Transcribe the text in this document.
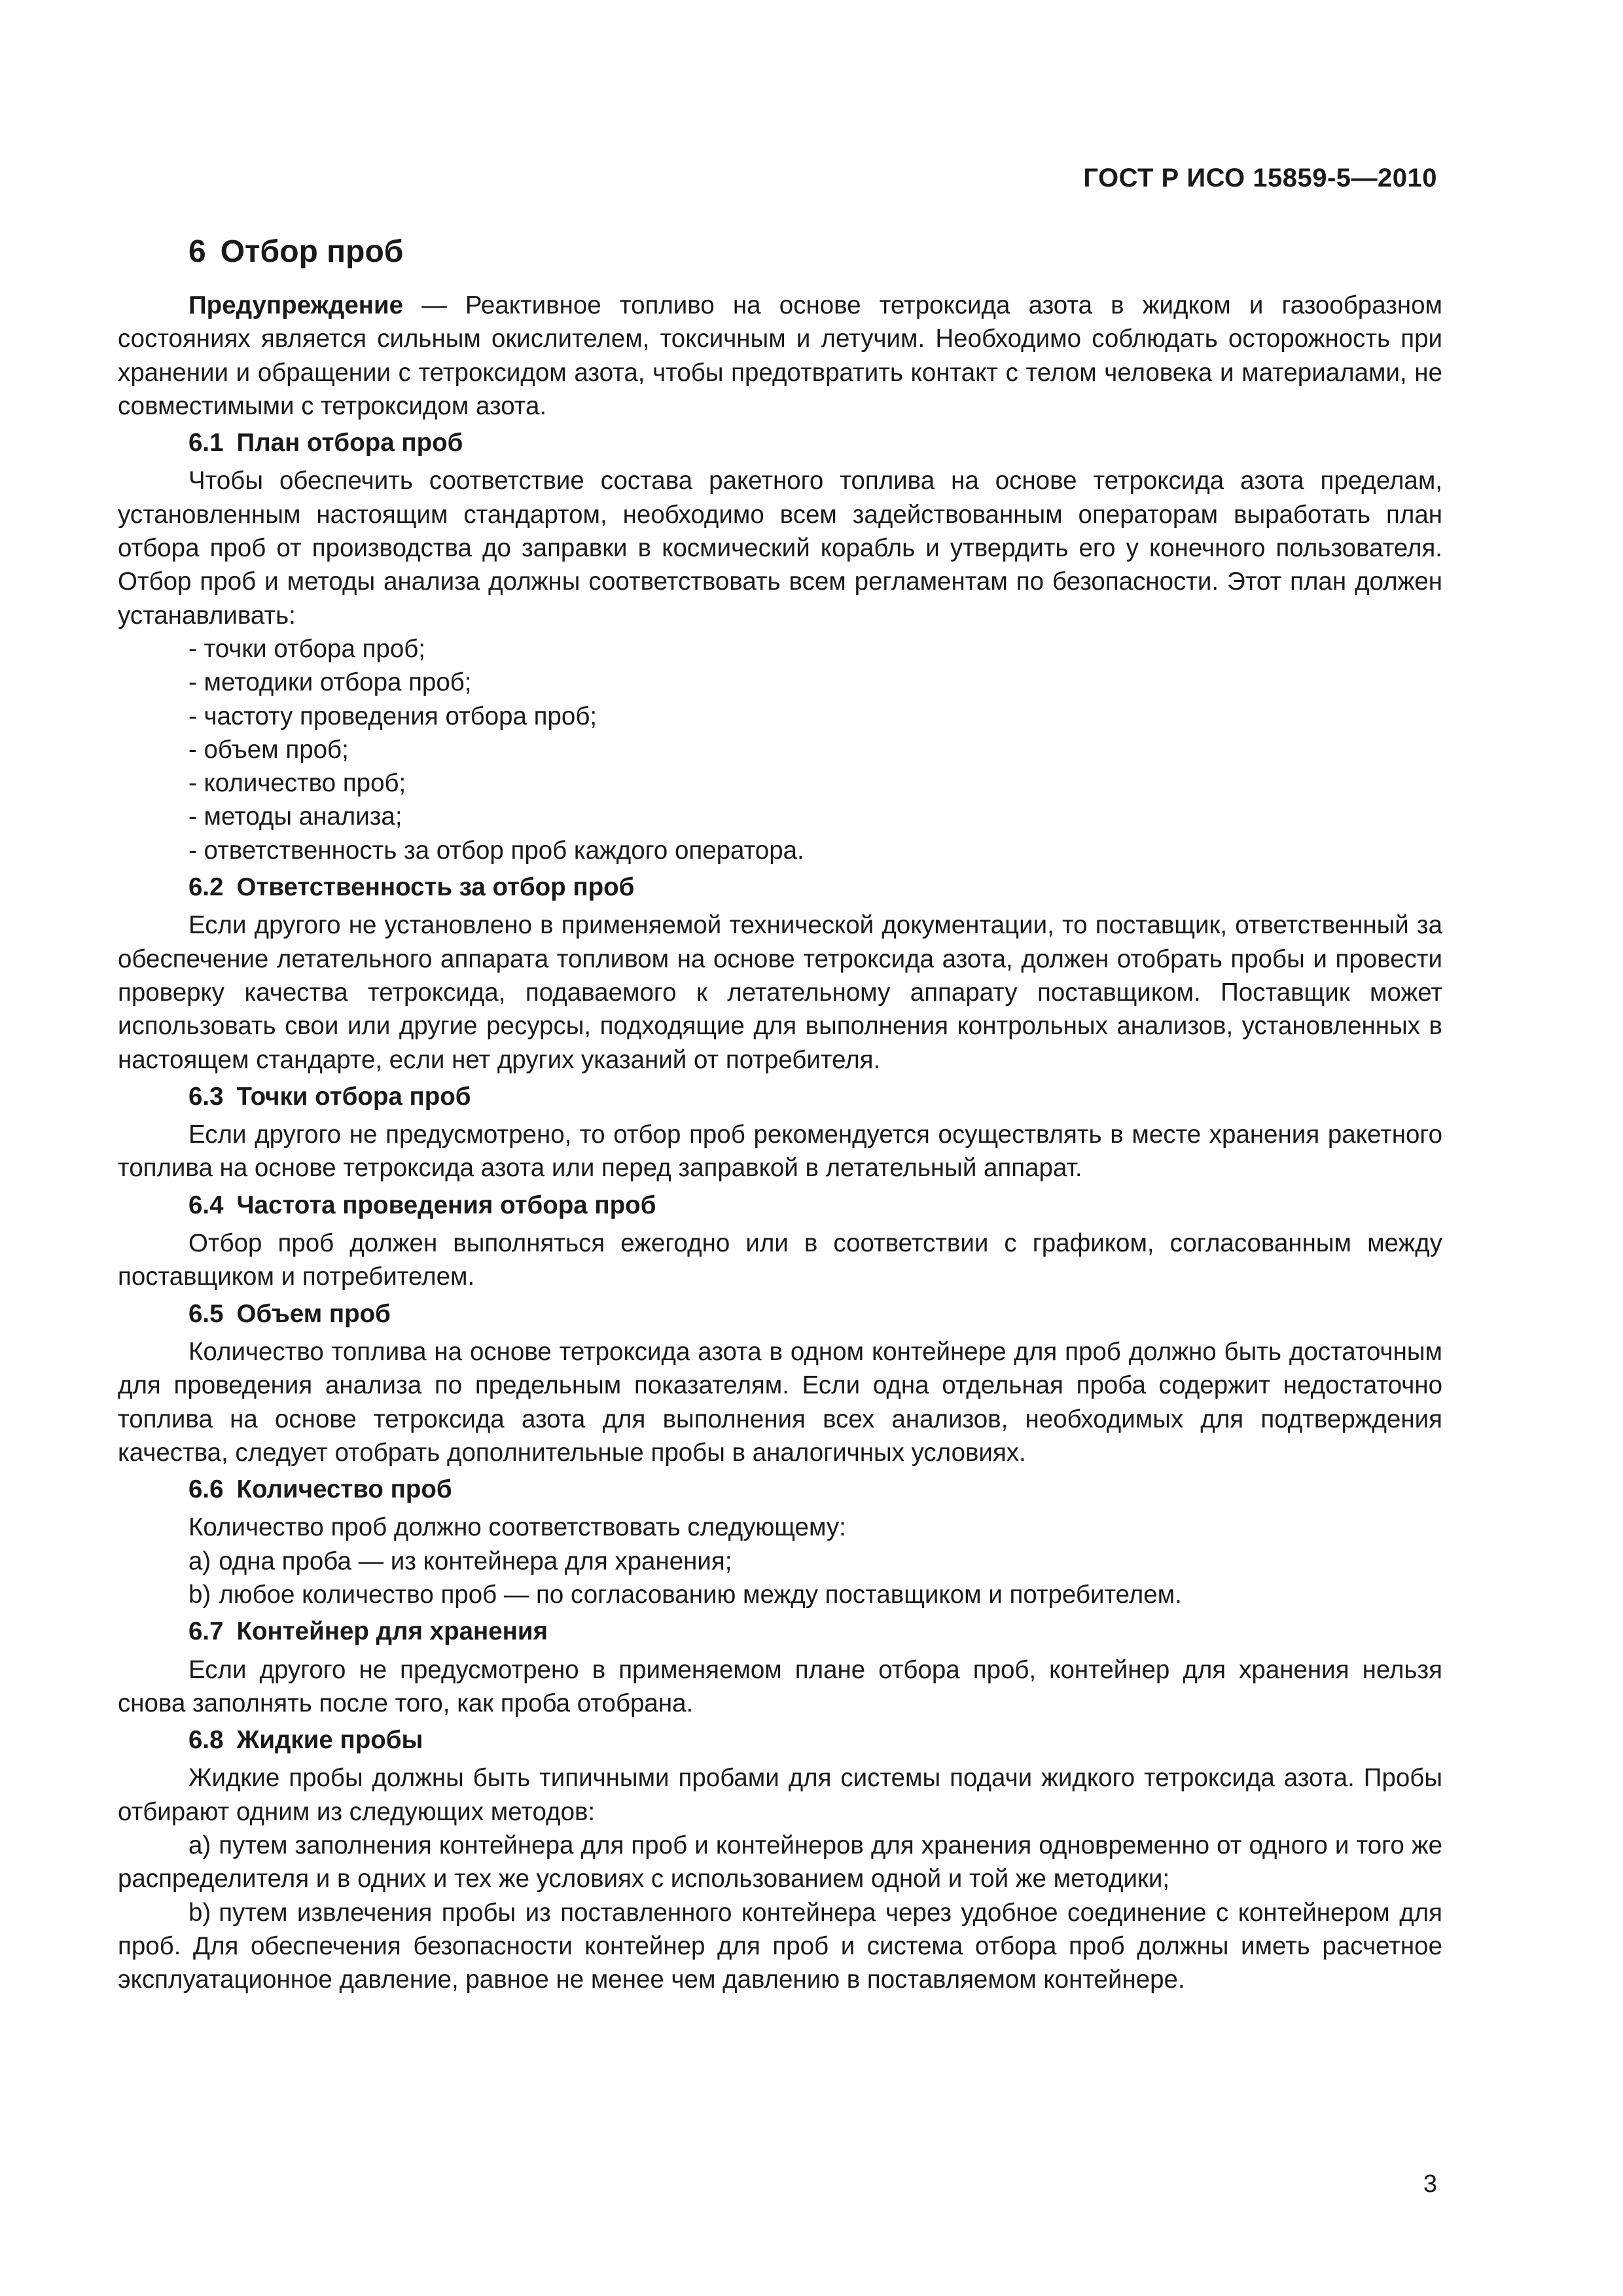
ГОСТ Р ИСО 15859-5—2010
6 Отбор проб

Предупреждение — Реактивное топливо на основе тетроксида азота в жидком и газообразном состояниях является сильным окислителем, токсичным и летучим. Необходимо соблюдать осторожность при хранении и обращении с тетроксидом азота, чтобы предотвратить контакт с телом человека и материалами, не совместимыми с тетроксидом азота.

6.1 План отбора проб

Чтобы обеспечить соответствие состава ракетного топлива на основе тетроксида азота пределам, установленным настоящим стандартом, необходимо всем задействованным операторам выработать план отбора проб от производства до заправки в космический корабль и утвердить его у конечного пользователя. Отбор проб и методы анализа должны соответствовать всем регламентам по безопасности. Этот план должен устанавливать:

- точки отбора проб;
- методики отбора проб;
- частоту проведения отбора проб;
- объем проб;
- количество проб;
- методы анализа;
- ответственность за отбор проб каждого оператора.
6.2 Ответственность за отбор проб

Если другого не установлено в применяемой технической документации, то поставщик, ответственный за обеспечение летательного аппарата топливом на основе тетроксида азота, должен отобрать пробы и провести проверку качества тетроксида, подаваемого к летательному аппарату поставщиком. Поставщик может использовать свои или другие ресурсы, подходящие для выполнения контрольных анализов, установленных в настоящем стандарте, если нет других указаний от потребителя.

6.3 Точки отбора проб

Если другого не предусмотрено, то отбор проб рекомендуется осуществлять в месте хранения ракетного топлива на основе тетроксида азота или перед заправкой в летательный аппарат.

6.4 Частота проведения отбора проб

Отбор проб должен выполняться ежегодно или в соответствии с графиком, согласованным между поставщиком и потребителем.

6.5 Объем проб

Количество топлива на основе тетроксида азота в одном контейнере для проб должно быть достаточным для проведения анализа по предельным показателям. Если одна отдельная проба содержит недостаточно топлива на основе тетроксида азота для выполнения всех анализов, необходимых для подтверждения качества, следует отобрать дополнительные пробы в аналогичных условиях.

6.6 Количество проб

Количество проб должно соответствовать следующему:

а) одна проба — из контейнера для хранения;
b) любое количество проб — по согласованию между поставщиком и потребителем.
6.7 Контейнер для хранения

Если другого не предусмотрено в применяемом плане отбора проб, контейнер для хранения нельзя снова заполнять после того, как проба отобрана.

6.8 Жидкие пробы

Жидкие пробы должны быть типичными пробами для системы подачи жидкого тетроксида азота. Пробы отбирают одним из следующих методов:

а) путем заполнения контейнера для проб и контейнеров для хранения одновременно от одного и того же распределителя и в одних и тех же условиях с использованием одной и той же методики;
b) путем извлечения пробы из поставленного контейнера через удобное соединение с контейнером для проб. Для обеспечения безопасности контейнер для проб и система отбора проб должны иметь расчетное эксплуатационное давление, равное не менее чем давлению в поставляемом контейнере.
3
